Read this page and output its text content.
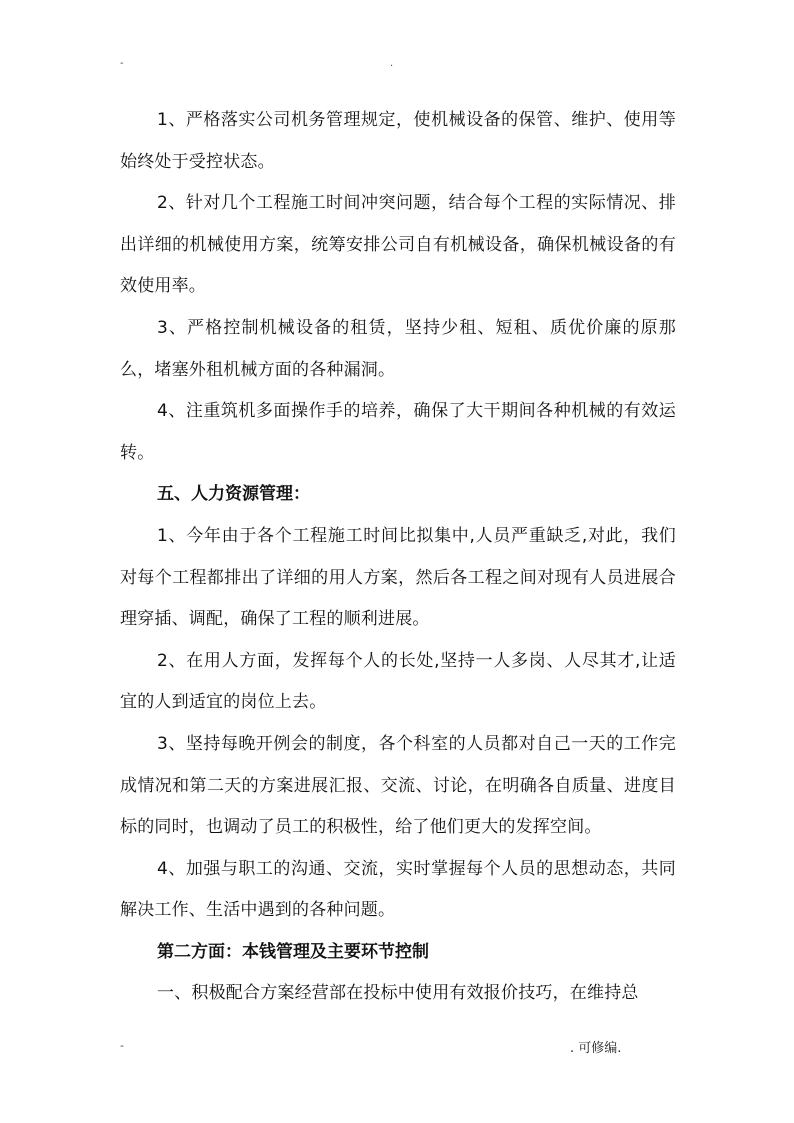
-	.

1、严格落实公司机务管理规定，使机械设备的保管、维护、使用等始终处于受控状态。

2、针对几个工程施工时间冲突问题，结合每个工程的实际情况、排出详细的机械使用方案，统筹安排公司自有机械设备，确保机械设备的有效使用率。

3、严格控制机械设备的租赁，坚持少租、短租、质优价廉的原那么，堵塞外租机械方面的各种漏洞。

4、注重筑机多面操作手的培养，确保了大干期间各种机械的有效运转。

五、人力资源管理：

1、今年由于各个工程施工时间比拟集中,人员严重缺乏,对此，我们对每个工程都排出了详细的用人方案，然后各工程之间对现有人员进展合理穿插、调配，确保了工程的顺利进展。

2、在用人方面，发挥每个人的长处,坚持一人多岗、人尽其才,让适宜的人到适宜的岗位上去。

3、坚持每晚开例会的制度，各个科室的人员都对自己一天的工作完成情况和第二天的方案进展汇报、交流、讨论，在明确各自质量、进度目标的同时，也调动了员工的积极性，给了他们更大的发挥空间。

4、加强与职工的沟通、交流，实时掌握每个人员的思想动态，共同解决工作、生活中遇到的各种问题。

第二方面：本钱管理及主要环节控制

一、积极配合方案经营部在投标中使用有效报价技巧，在维持总

-	. 可修编.
